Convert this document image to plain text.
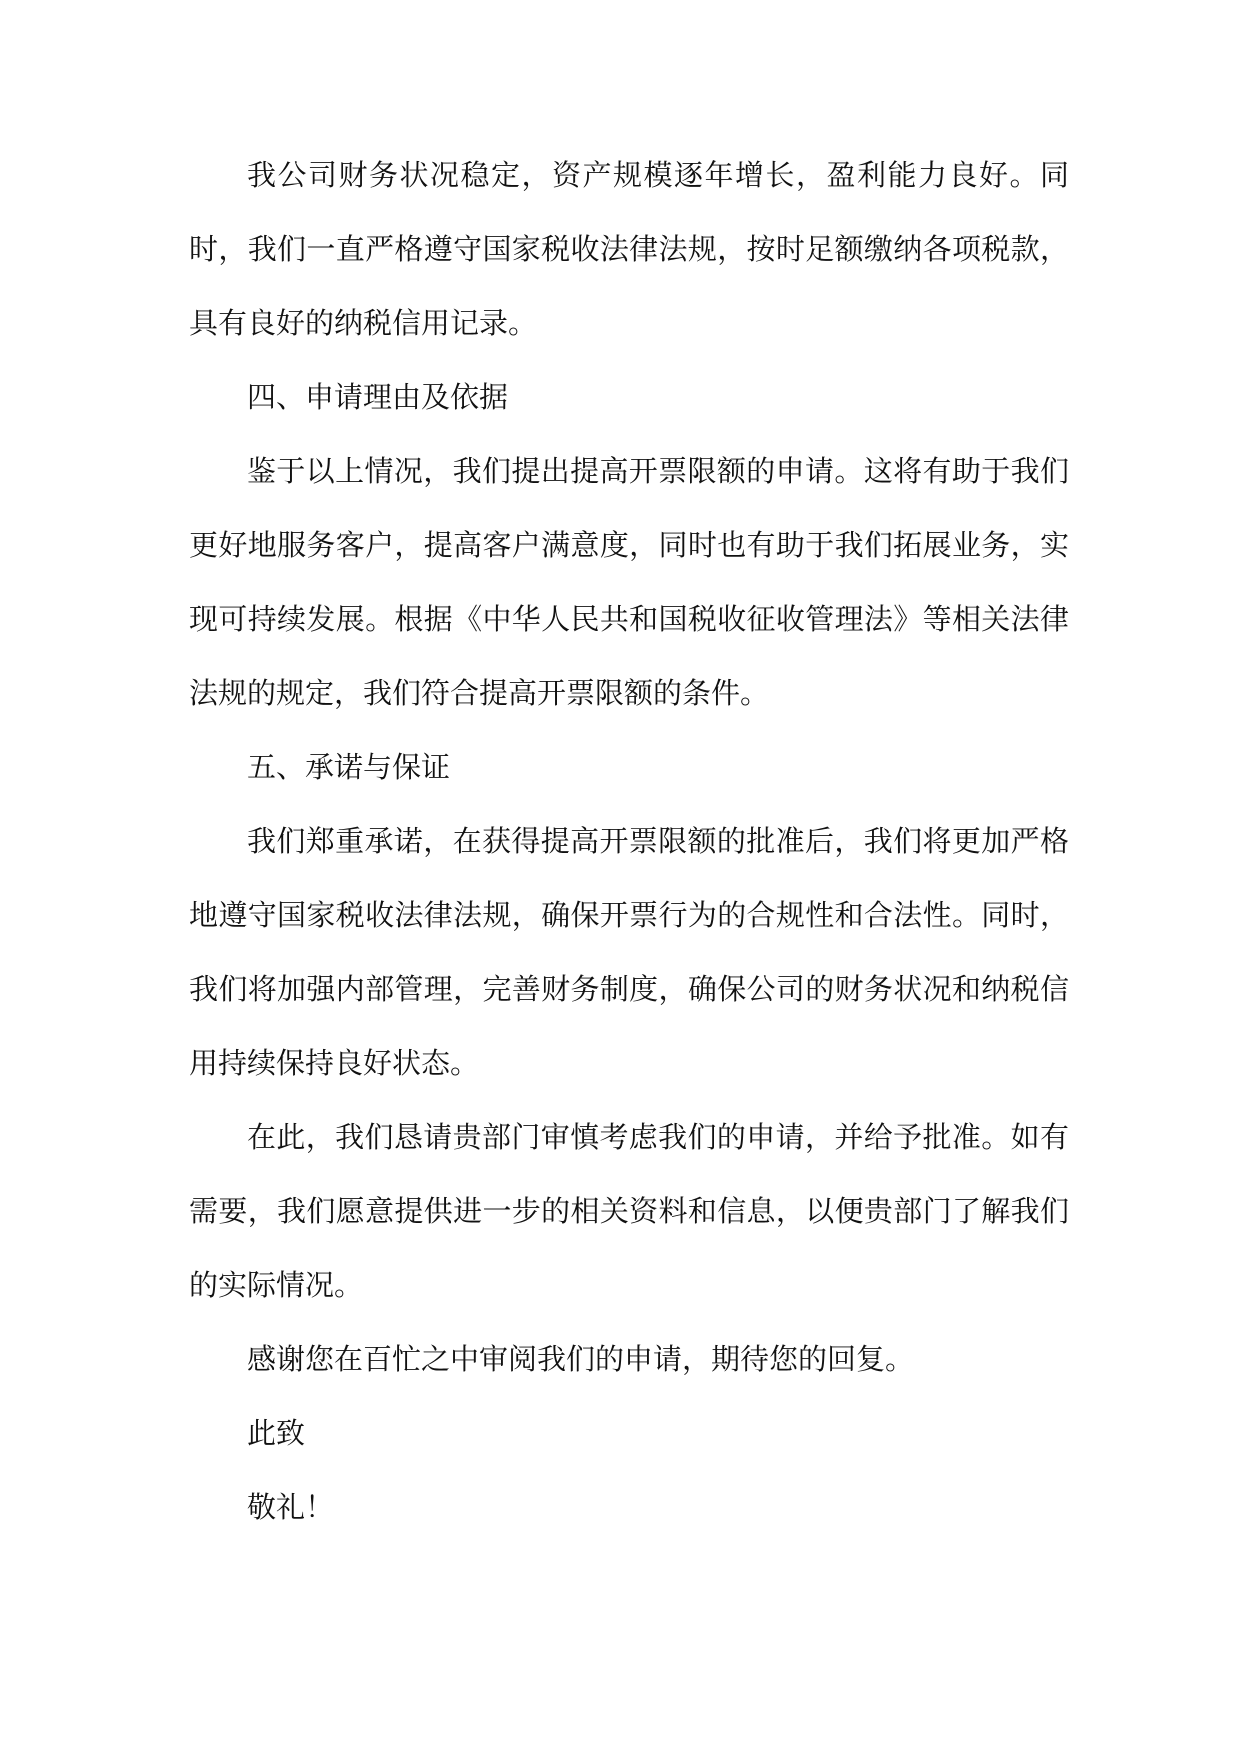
我公司财务状况稳定，资产规模逐年增长，盈利能力良好。同时，我们一直严格遵守国家税收法律法规，按时足额缴纳各项税款，具有良好的纳税信用记录。

四、申请理由及依据

鉴于以上情况，我们提出提高开票限额的申请。这将有助于我们更好地服务客户，提高客户满意度，同时也有助于我们拓展业务，实现可持续发展。根据《中华人民共和国税收征收管理法》等相关法律法规的规定，我们符合提高开票限额的条件。

五、承诺与保证

我们郑重承诺，在获得提高开票限额的批准后，我们将更加严格地遵守国家税收法律法规，确保开票行为的合规性和合法性。同时，我们将加强内部管理，完善财务制度，确保公司的财务状况和纳税信用持续保持良好状态。

在此，我们恳请贵部门审慎考虑我们的申请，并给予批准。如有需要，我们愿意提供进一步的相关资料和信息，以便贵部门了解我们的实际情况。

感谢您在百忙之中审阅我们的申请，期待您的回复。

此致

敬礼！
